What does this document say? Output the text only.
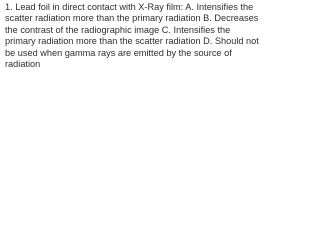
1. Lead foil in direct contact with X-Ray film: A. Intensifies the scatter radiation more than the primary radiation B. Decreases the contrast of the radiographic image C. Intensifies the primary radiation more than the scatter radiation D. Should not be used when gamma rays are emitted by the source of radiation
